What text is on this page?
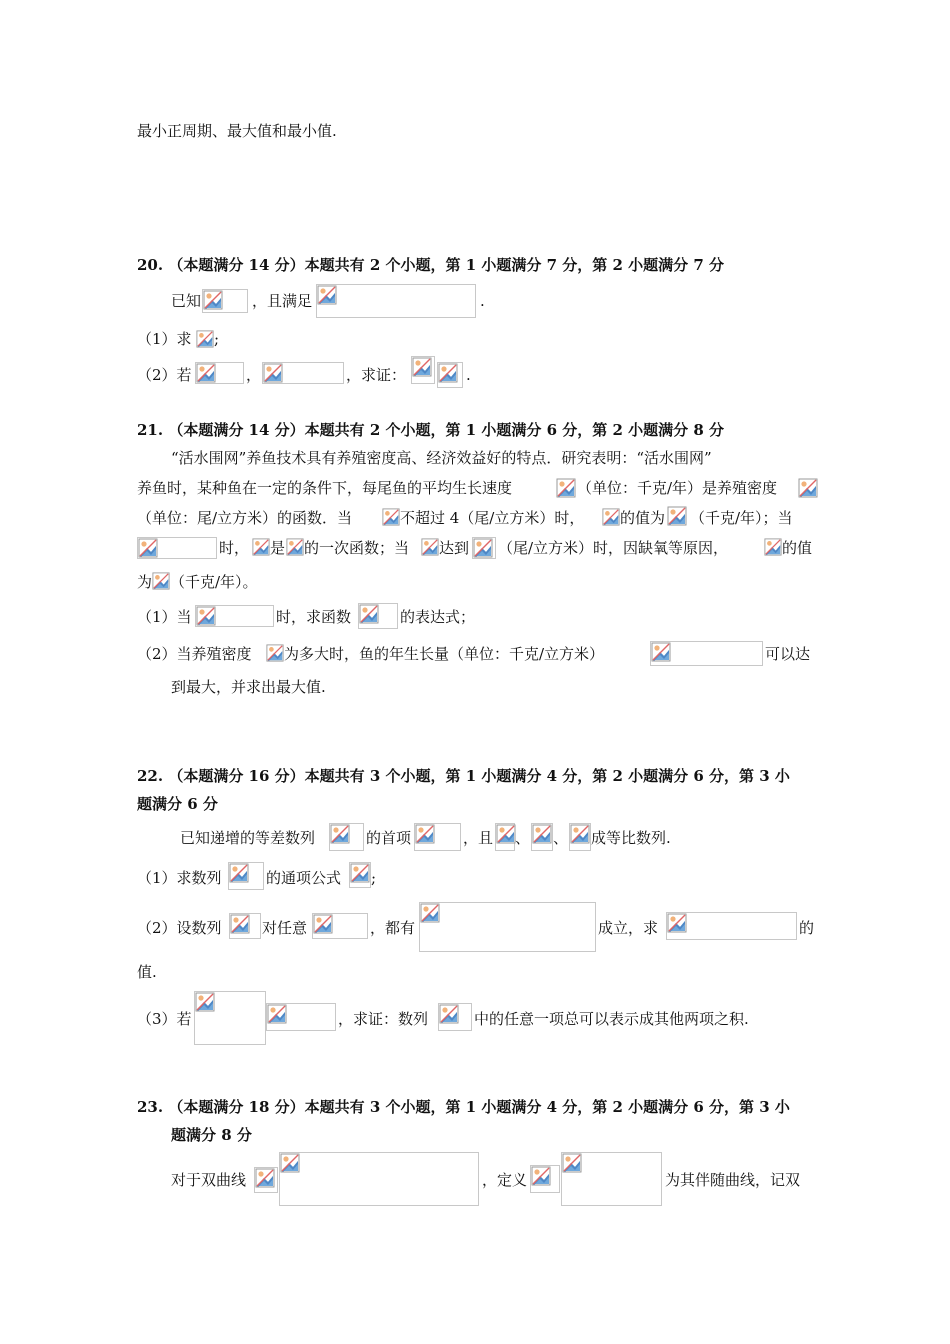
最小正周期、最大值和最小值.
20. （本题满分 14 分）本题共有 2 个小题，第 1 小题满分 7 分，第 2 小题满分 7 分
已知	，且满足	.
（1）求 ;
（2）若	，	，求证：	.
21. （本题满分 14 分）本题共有 2 个小题，第 1 小题满分 6 分，第 2 小题满分 8 分
“活水围网”养鱼技术具有养殖密度高、经济效益好的特点．研究表明：“活水围网”
养鱼时，某种鱼在一定的条件下，每尾鱼的平均生长速度	（单位：千克/年）是养殖密度
（单位：尾/立方米）的函数．当	不超过 4（尾/立方米）时， 的值为 （千克/年）；当
时， 是 的一次函数；当 达到 （尾/立方米）时，因缺氧等原因，	的值
为 （千克/年）。
（1）当	时，求函数	的表达式；
（2）当养殖密度 为多大时，鱼的年生长量（单位：千克/立方米）	可以达
到最大，并求出最大值.
22. （本题满分 16 分）本题共有 3 个小题，第 1 小题满分 4 分，第 2 小题满分 6 分，第 3 小
题满分 6 分
已知递增的等差数列	的首项	，且 、 、 成等比数列.
（1）求数列	的通项公式 ;
（2）设数列	对任意	，都有	成立，求	的
值.
（3）若	，求证：数列	中的任意一项总可以表示成其他两项之积.
23. （本题满分 18 分）本题共有 3 个小题，第 1 小题满分 4 分，第 2 小题满分 6 分，第 3 小
题满分 8 分
对于双曲线	，定义	为其伴随曲线，记双
